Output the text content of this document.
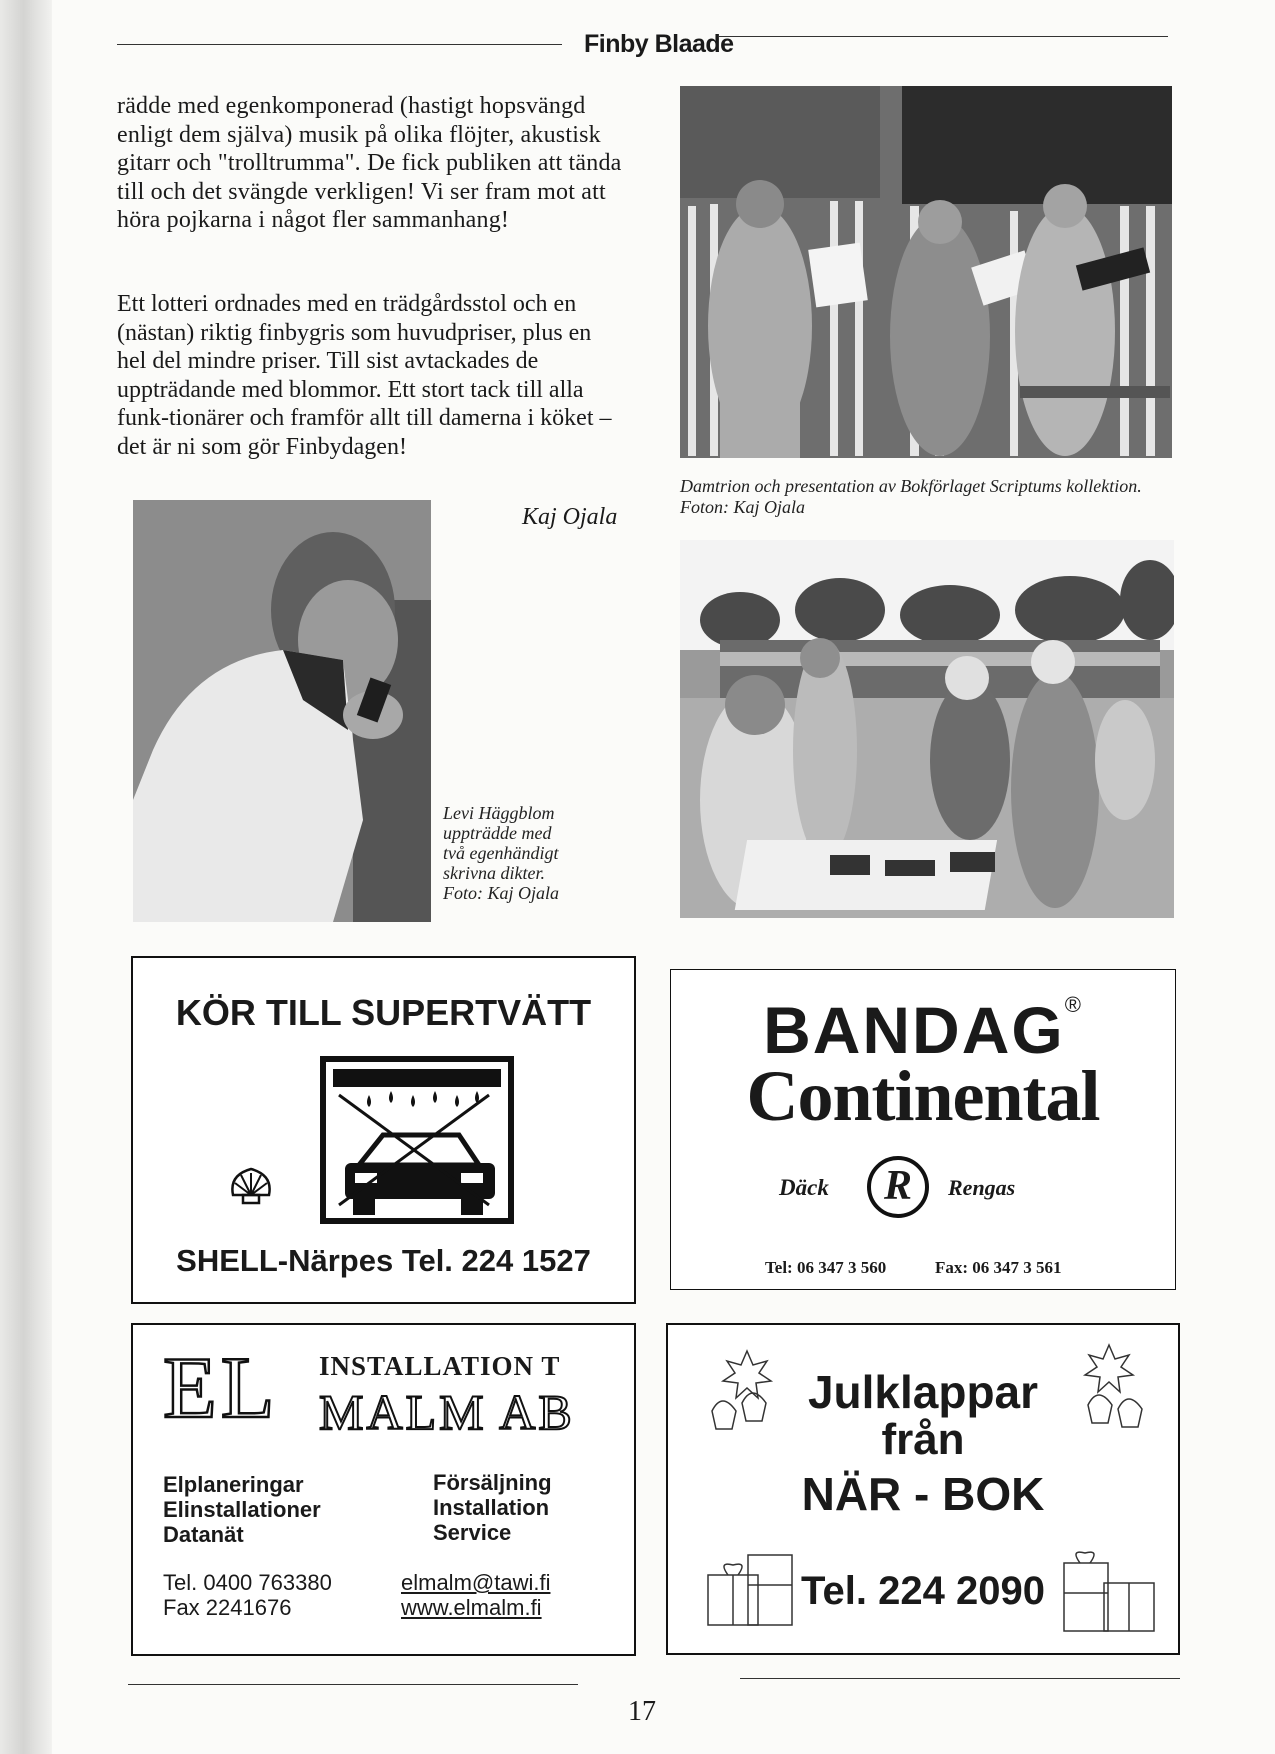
Finby Blaade

rädde med egenkomponerad (hastigt hopsvängd enligt dem själva) musik på olika flöjter, akustisk gitarr och "trolltrumma". De fick publiken att tända till och det svängde verkligen! Vi ser fram mot att höra pojkarna i något fler sammanhang!

Ett lotteri ordnades med en trädgårdsstol och en (nästan) riktig finbygris som huvudpriser, plus en hel del mindre priser. Till sist avtackades de uppträdande med blommor. Ett stort tack till alla funk-tionärer och framför allt till damerna i köket – det är ni som gör Finbydagen!

Kaj Ojala
Damtrion och presentation av Bokförlaget Scriptums kollektion. Foton: Kaj Ojala
Levi Häggblom
uppträdde med
två egenhändigt
skrivna dikter.
Foto: Kaj Ojala
KÖR TILL SUPERTVÄTT
SHELL-Närpes Tel. 224 1527
BANDAG®
Continental
Däck	R	Rengas
Tel: 06 347 3 560	Fax: 06 347 3 561
EL INSTALLATION T
MALM AB
Elplaneringar
Elinstallationer
Datanät
Försäljning
Installation
Service
Tel. 0400 763380
Fax 2241676
elmalm@tawi.fi
www.elmalm.fi
Julklappar
från
NÄR - BOK
Tel. 224 2090
17
